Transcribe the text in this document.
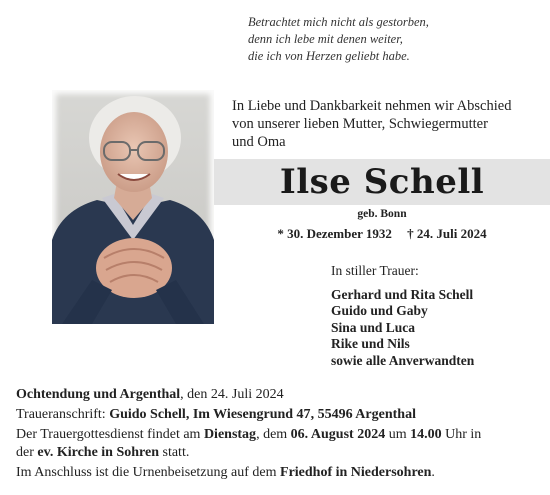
Betrachtet mich nicht als gestorben,
denn ich lebe mit denen weiter,
die ich von Herzen geliebt habe.
In Liebe und Dankbarkeit nehmen wir Abschied
von unserer lieben Mutter, Schwiegermutter
und Oma
Ilse Schell
geb. Bonn
* 30. Dezember 1932 † 24. Juli 2024
In stiller Trauer:
Gerhard und Rita Schell
Guido und Gaby
Sina und Luca
Rike und Nils
sowie alle Anverwandten
Ochtendung und Argenthal, den 24. Juli 2024
Traueranschrift: Guido Schell, Im Wiesengrund 47, 55496 Argenthal
Der Trauergottesdienst findet am Dienstag, dem 06. August 2024 um 14.00 Uhr in
der ev. Kirche in Sohren statt.
Im Anschluss ist die Urnenbeisetzung auf dem Friedhof in Niedersohren.
